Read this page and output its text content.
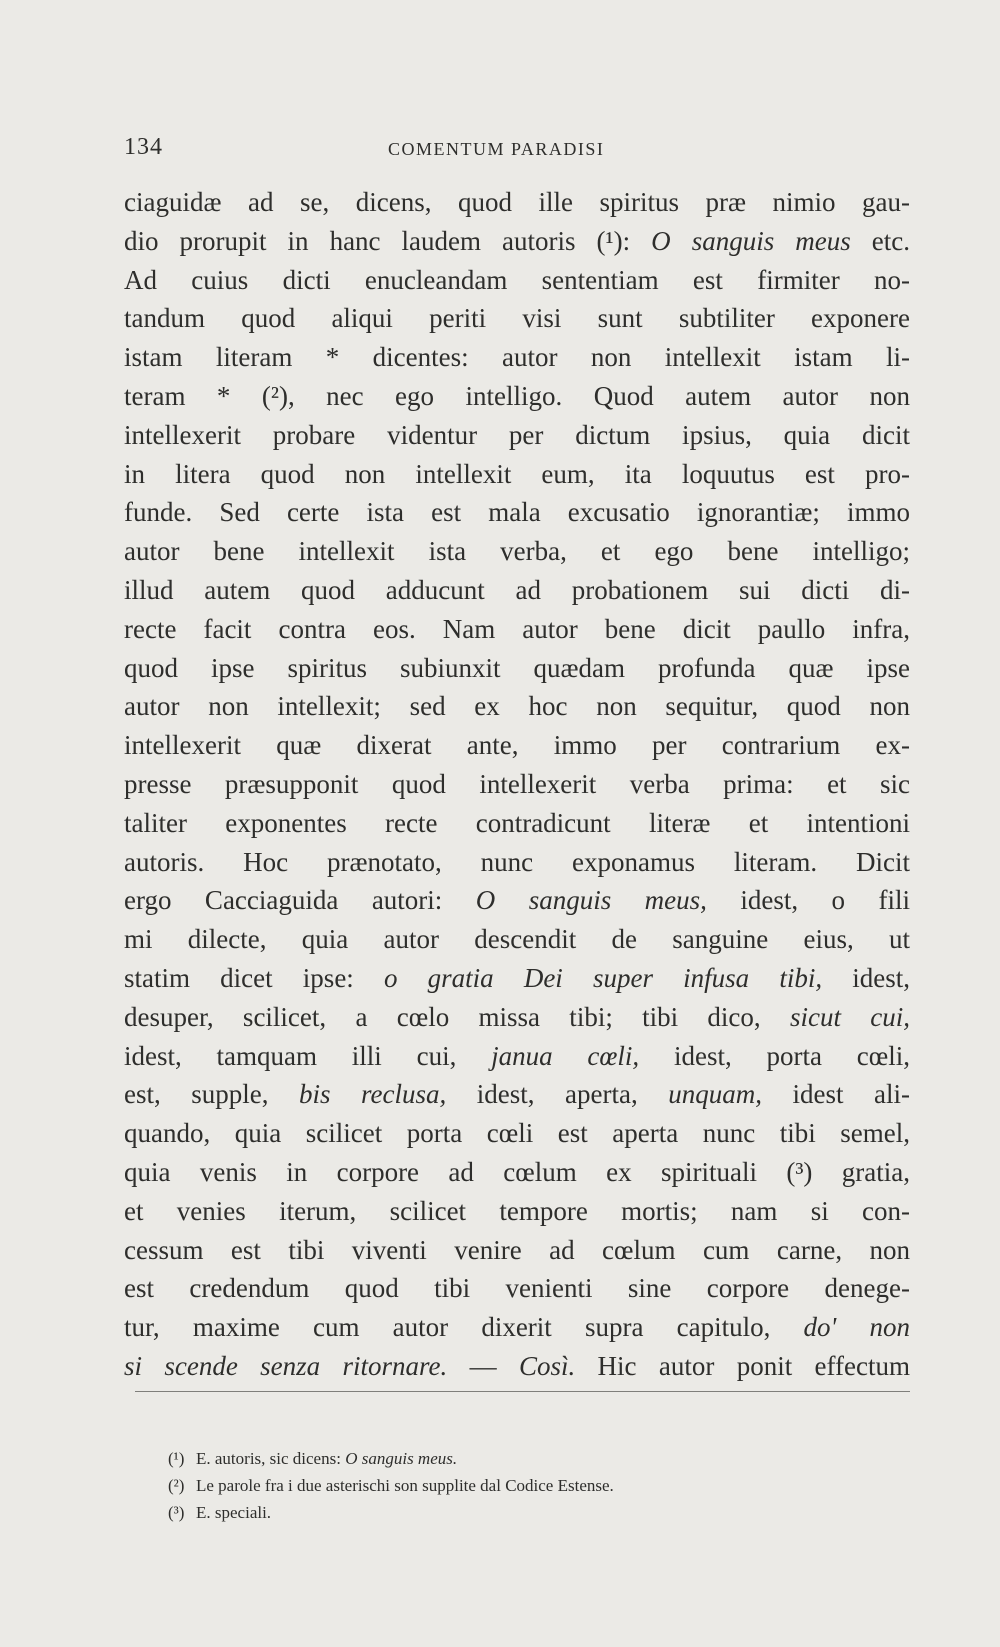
134	COMENTUM PARADISI
ciaguidæ ad se, dicens, quod ille spiritus præ nimio gau-
dio prorupit in hanc laudem autoris (¹): O sanguis meus etc.
Ad cuius dicti enucleandam sententiam est firmiter no-
tandum quod aliqui periti visi sunt subtiliter exponere
istam literam * dicentes: autor non intellexit istam li-
teram * (²), nec ego intelligo. Quod autem autor non
intellexerit probare videntur per dictum ipsius, quia dicit
in litera quod non intellexit eum, ita loquutus est pro-
funde. Sed certe ista est mala excusatio ignorantiæ; immo
autor bene intellexit ista verba, et ego bene intelligo;
illud autem quod adducunt ad probationem sui dicti di-
recte facit contra eos. Nam autor bene dicit paullo infra,
quod ipse spiritus subiunxit quædam profunda quæ ipse
autor non intellexit; sed ex hoc non sequitur, quod non
intellexerit quæ dixerat ante, immo per contrarium ex-
presse præsupponit quod intellexerit verba prima: et sic
taliter exponentes recte contradicunt literæ et intentioni
autoris. Hoc prænotato, nunc exponamus literam. Dicit
ergo Cacciaguida autori: O sanguis meus, idest, o fili
mi dilecte, quia autor descendit de sanguine eius, ut
statim dicet ipse: o gratia Dei super infusa tibi, idest,
desuper, scilicet, a cœlo missa tibi; tibi dico, sicut cui,
idest, tamquam illi cui, janua cœli, idest, porta cœli,
est, supple, bis reclusa, idest, aperta, unquam, idest ali-
quando, quia scilicet porta cœli est aperta nunc tibi semel,
quia venis in corpore ad cœlum ex spirituali (³) gratia,
et venies iterum, scilicet tempore mortis; nam si con-
cessum est tibi viventi venire ad cœlum cum carne, non
est credendum quod tibi venienti sine corpore denege-
tur, maxime cum autor dixerit supra capitulo, do' non
si scende senza ritornare. — Così. Hic autor ponit effectum
(¹) E. autoris, sic dicens: O sanguis meus.
(²) Le parole fra i due asterischi son supplite dal Codice Estense.
(³) E. speciali.
